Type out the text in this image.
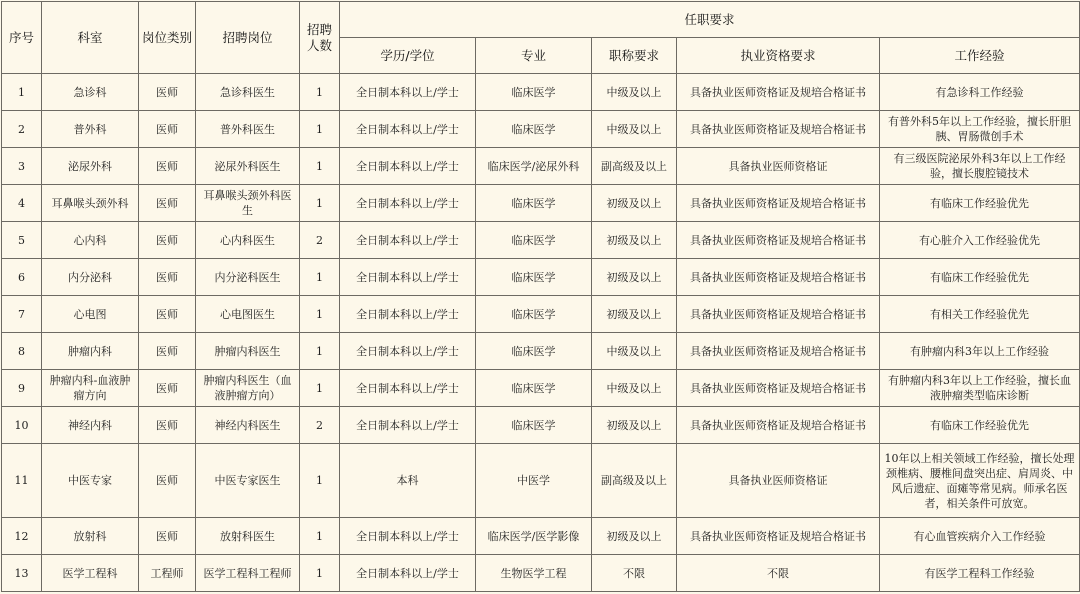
序号	科室	岗位类别	招聘岗位	招聘人数	任职要求				
					学历/学位	专业	职称要求	执业资格要求	工作经验
1	急诊科	医师	急诊科医生	1	全日制本科以上/学士	临床医学	中级及以上	具备执业医师资格证及规培合格证书	有急诊科工作经验
2	普外科	医师	普外科医生	1	全日制本科以上/学士	临床医学	中级及以上	具备执业医师资格证及规培合格证书	有普外科5年以上工作经验，擅长肝胆胰、胃肠微创手术
3	泌尿外科	医师	泌尿外科医生	1	全日制本科以上/学士	临床医学/泌尿外科	副高级及以上	具备执业医师资格证	有三级医院泌尿外科3年以上工作经验，擅长腹腔镜技术
4	耳鼻喉头颈外科	医师	耳鼻喉头颈外科医生	1	全日制本科以上/学士	临床医学	初级及以上	具备执业医师资格证及规培合格证书	有临床工作经验优先
5	心内科	医师	心内科医生	2	全日制本科以上/学士	临床医学	初级及以上	具备执业医师资格证及规培合格证书	有心脏介入工作经验优先
6	内分泌科	医师	内分泌科医生	1	全日制本科以上/学士	临床医学	初级及以上	具备执业医师资格证及规培合格证书	有临床工作经验优先
7	心电图	医师	心电图医生	1	全日制本科以上/学士	临床医学	初级及以上	具备执业医师资格证及规培合格证书	有相关工作经验优先
8	肿瘤内科	医师	肿瘤内科医生	1	全日制本科以上/学士	临床医学	中级及以上	具备执业医师资格证及规培合格证书	有肿瘤内科3年以上工作经验
9	肿瘤内科-血液肿瘤方向	医师	肿瘤内科医生（血液肿瘤方向）	1	全日制本科以上/学士	临床医学	中级及以上	具备执业医师资格证及规培合格证书	有肿瘤内科3年以上工作经验，擅长血液肿瘤类型临床诊断
10	神经内科	医师	神经内科医生	2	全日制本科以上/学士	临床医学	初级及以上	具备执业医师资格证及规培合格证书	有临床工作经验优先
11	中医专家	医师	中医专家医生	1	本科	中医学	副高级及以上	具备执业医师资格证	10年以上相关领域工作经验，擅长处理颈椎病、腰椎间盘突出症、肩周炎、中风后遗症、面瘫等常见病。师承名医者，相关条件可放宽。
12	放射科	医师	放射科医生	1	全日制本科以上/学士	临床医学/医学影像	初级及以上	具备执业医师资格证及规培合格证书	有心血管疾病介入工作经验
13	医学工程科	工程师	医学工程科工程师	1	全日制本科以上/学士	生物医学工程	不限	不限	有医学工程科工作经验
